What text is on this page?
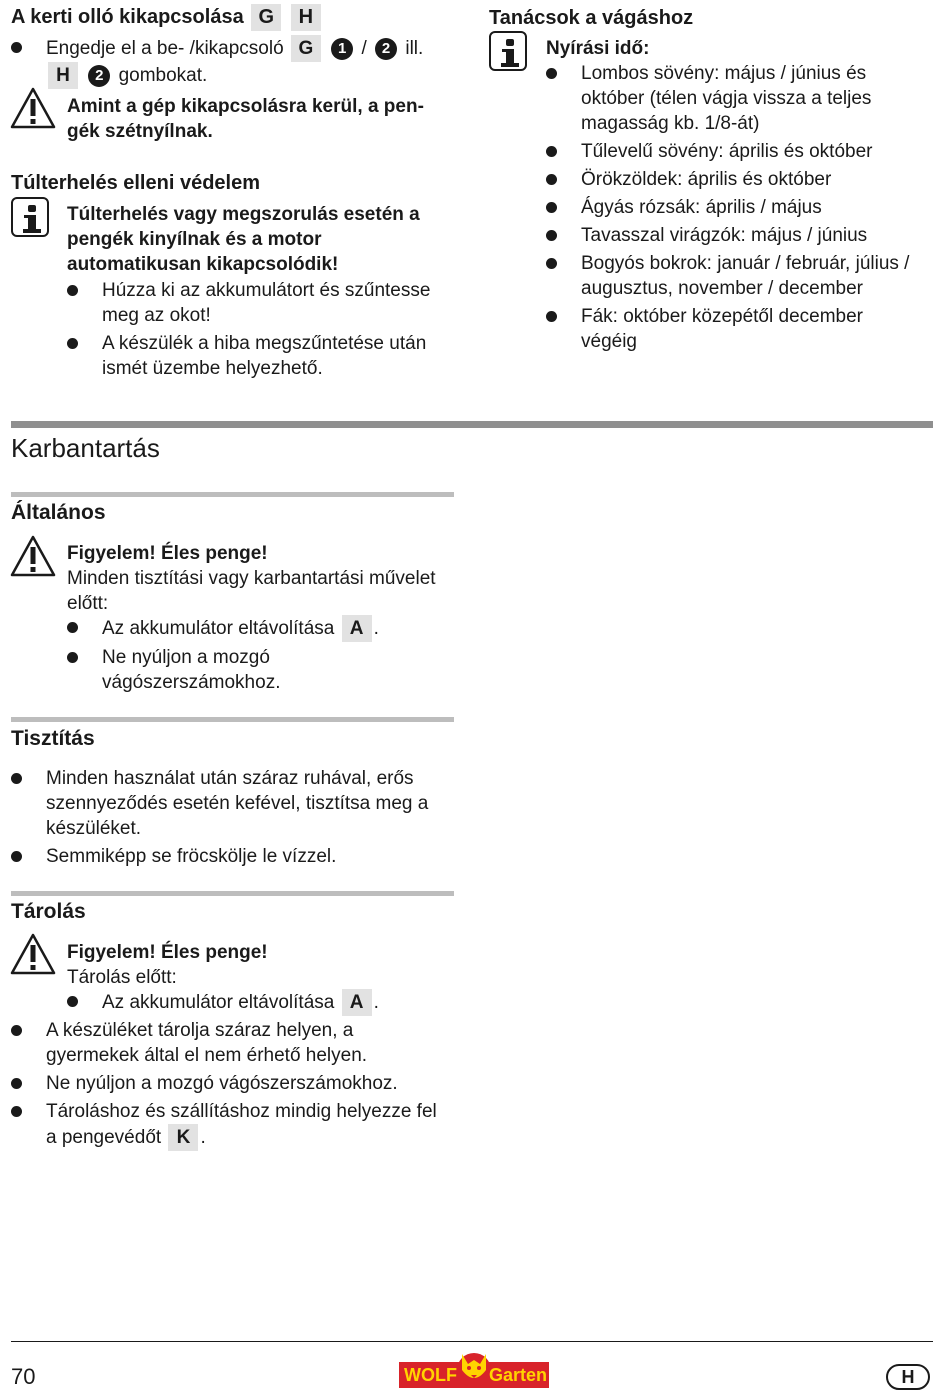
A kerti olló kikapcsolása G H
Engedje el a be- /kikapcsoló G 1 / 2 ill.
H 2 gombokat.
Amint a gép kikapcsolásra kerül, a pen-
gék szétnyílnak.
Túlterhelés elleni védelem
Túlterhelés vagy megszorulás esetén a
pengék kinyílnak és a motor
automatikusan kikapcsolódik!
Húzza ki az akkumulátort és szűntesse
meg az okot!
A készülék a hiba megszűntetése után
ismét üzembe helyezhető.
Tanácsok a vágáshoz
Nyírási idő:
Lombos sövény: május / június és
október (télen vágja vissza a teljes
magasság kb. 1/8-át)
Tűlevelű sövény: április és október
Örökzöldek: április és október
Ágyás rózsák: április / május
Tavasszal virágzók: május / június
Bogyós bokrok: január / február, július /
augusztus, november / december
Fák: október közepétől december
végéig
Karbantartás
Általános
Figyelem! Éles penge!
Minden tisztítási vagy karbantartási művelet
előtt:
Az akkumulátor eltávolítása A .
Ne nyúljon a mozgó
vágószerszámokhoz.
Tisztítás
Minden használat után száraz ruhával, erős
szennyeződés esetén kefével, tisztítsa meg a
készüléket.
Semmiképp se fröcskölje le vízzel.
Tárolás
Figyelem! Éles penge!
Tárolás előtt:
Az akkumulátor eltávolítása A .
A készüléket tárolja száraz helyen, a
gyermekek által el nem érhető helyen.
Ne nyúljon a mozgó vágószerszámokhoz.
Tároláshoz és szállításhoz mindig helyezze fel
a pengevédőt K .
70	WOLF Garten	H
